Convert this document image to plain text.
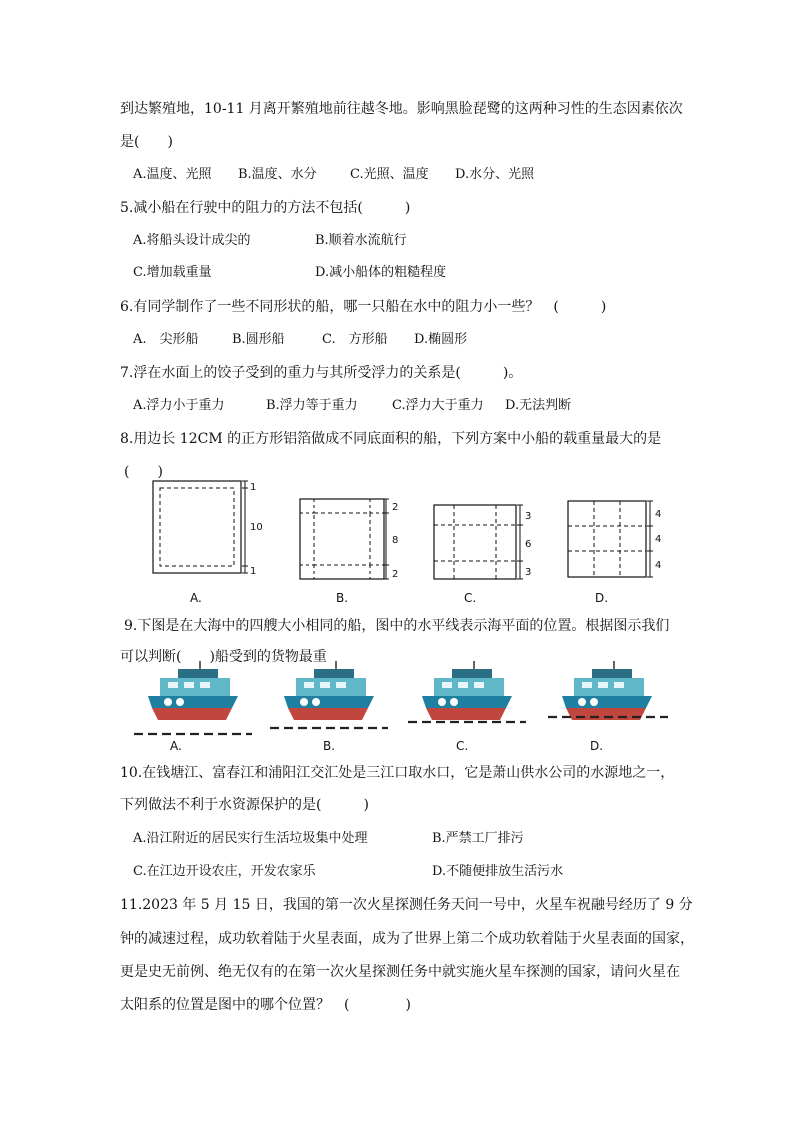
到达繁殖地，10-11 月离开繁殖地前往越冬地。影响黑脸琵鹭的这两种习性的生态因素依次
是(　　)
A.温度、光照 B.温度、水分	C.光照、温度 D.水分、光照
5.减小船在行驶中的阻力的方法不包括(　　　)
A.将船头设计成尖的	B.顺着水流航行
C.增加载重量	D.减小船体的粗糙程度
6.有同学制作了一些不同形状的船，哪一只船在水中的阻力小一些？　(　　　)
A.　尖形船	B.圆形船	C.　方形船 D.椭圆形
7.浮在水面上的饺子受到的重力与其所受浮力的关系是(　　　)。
A.浮力小于重力	B.浮力等于重力	C.浮力大于重力 D.无法判断
8.用边长 12CM 的正方形铝箔做成不同底面积的船，下列方案中小船的载重量最大的是
(　　)
1
10
1
A.
2
8
2
B.
3
6
3
C.
4
4
4
D.
9.下图是在大海中的四艘大小相同的船，图中的水平线表示海平面的位置。根据图示我们
可以判断(　　)船受到的货物最重
A.	B.	C.	D.
10.在钱塘江、富春江和浦阳江交汇处是三江口取水口，它是萧山供水公司的水源地之一，
下列做法不利于水资源保护的是(　　　)
A.沿江附近的居民实行生活垃圾集中处理	B.严禁工厂排污
C.在江边开设农庄，开发农家乐	D.不随便排放生活污水
11.2023 年 5 月 15 日，我国的第一次火星探测任务天问一号中，火星车祝融号经历了 9 分
钟的减速过程，成功软着陆于火星表面，成为了世界上第二个成功软着陆于火星表面的国家，
更是史无前例、绝无仅有的在第一次火星探测任务中就实施火星车探测的国家，请问火星在
太阳系的位置是图中的哪个位置？　(　　　　)
